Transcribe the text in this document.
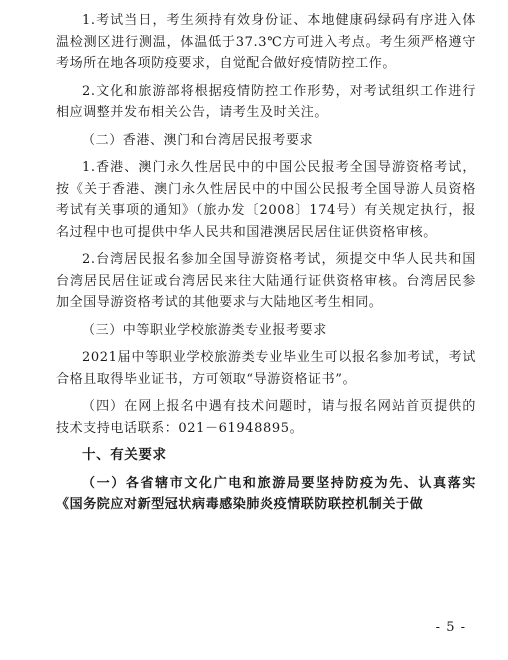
1.考试当日，考生须持有效身份证、本地健康码绿码有序进入体温检测区进行测温，体温低于37.3℃方可进入考点。考生须严格遵守考场所在地各项防疫要求，自觉配合做好疫情防控工作。

2.文化和旅游部将根据疫情防控工作形势，对考试组织工作进行相应调整并发布相关公告，请考生及时关注。

（二）香港、澳门和台湾居民报考要求

1.香港、澳门永久性居民中的中国公民报考全国导游资格考试，按《关于香港、澳门永久性居民中的中国公民报考全国导游人员资格考试有关事项的通知》（旅办发〔2008〕174号）有关规定执行，报名过程中也可提供中华人民共和国港澳居民居住证供资格审核。

2.台湾居民报名参加全国导游资格考试，须提交中华人民共和国台湾居民居住证或台湾居民来往大陆通行证供资格审核。台湾居民参加全国导游资格考试的其他要求与大陆地区考生相同。

（三）中等职业学校旅游类专业报考要求

2021届中等职业学校旅游类专业毕业生可以报名参加考试，考试合格且取得毕业证书，方可领取“导游资格证书”。

（四）在网上报名中遇有技术问题时，请与报名网站首页提供的技术支持电话联系：021－61948895。

十、有关要求

（一）各省辖市文化广电和旅游局要坚持防疫为先、认真落实《国务院应对新型冠状病毒感染肺炎疫情联防联控机制关于做

- 5 -
